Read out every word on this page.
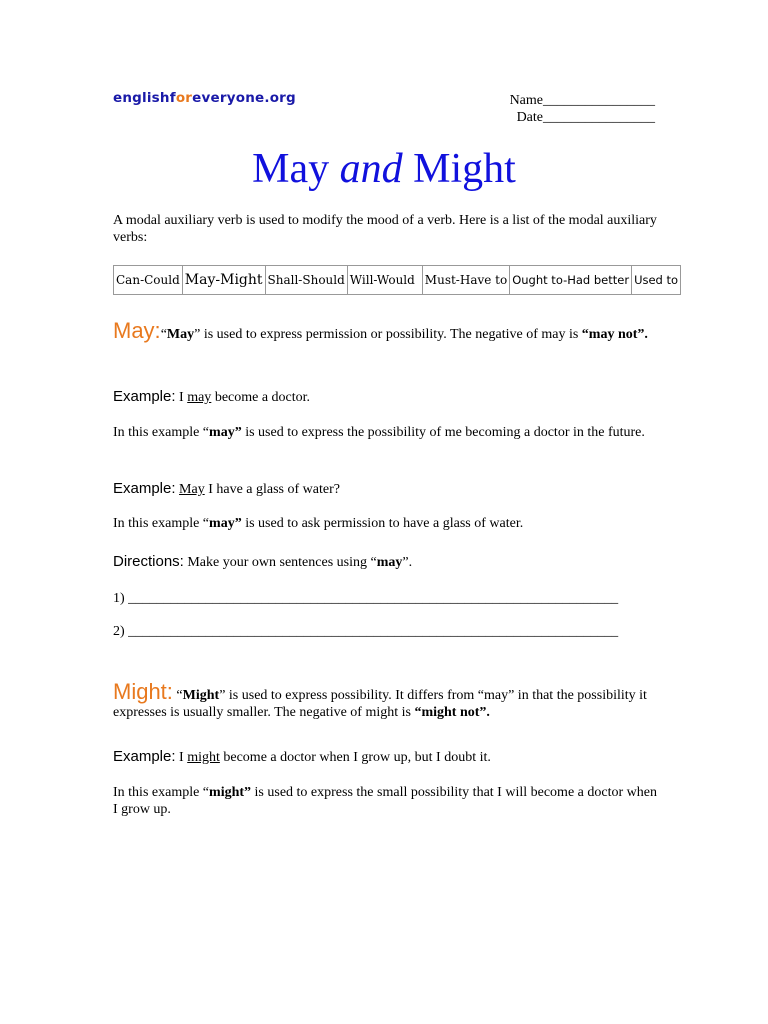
englishforeveryone.org	Name________________
Date________________
May and Might
A modal auxiliary verb is used to modify the mood of a verb. Here is a list of the modal auxiliary verbs:
Can-Could	May-Might	Shall-Should	Will-Would	Must-Have to	Ought to-Had better	Used to
May:“May” is used to express permission or possibility. The negative of may is “may not”.
Example: I may become a doctor.
In this example “may” is used to express the possibility of me becoming a doctor in the future.
Example: May I have a glass of water?
In this example “may” is used to ask permission to have a glass of water.
Directions: Make your own sentences using “may”.
1) ______________________________________________________________________
2) ______________________________________________________________________
Might: “Might” is used to express possibility. It differs from “may” in that the possibility it expresses is usually smaller. The negative of might is “might not”.
Example: I might become a doctor when I grow up, but I doubt it.
In this example “might” is used to express the small possibility that I will become a doctor when I grow up.
